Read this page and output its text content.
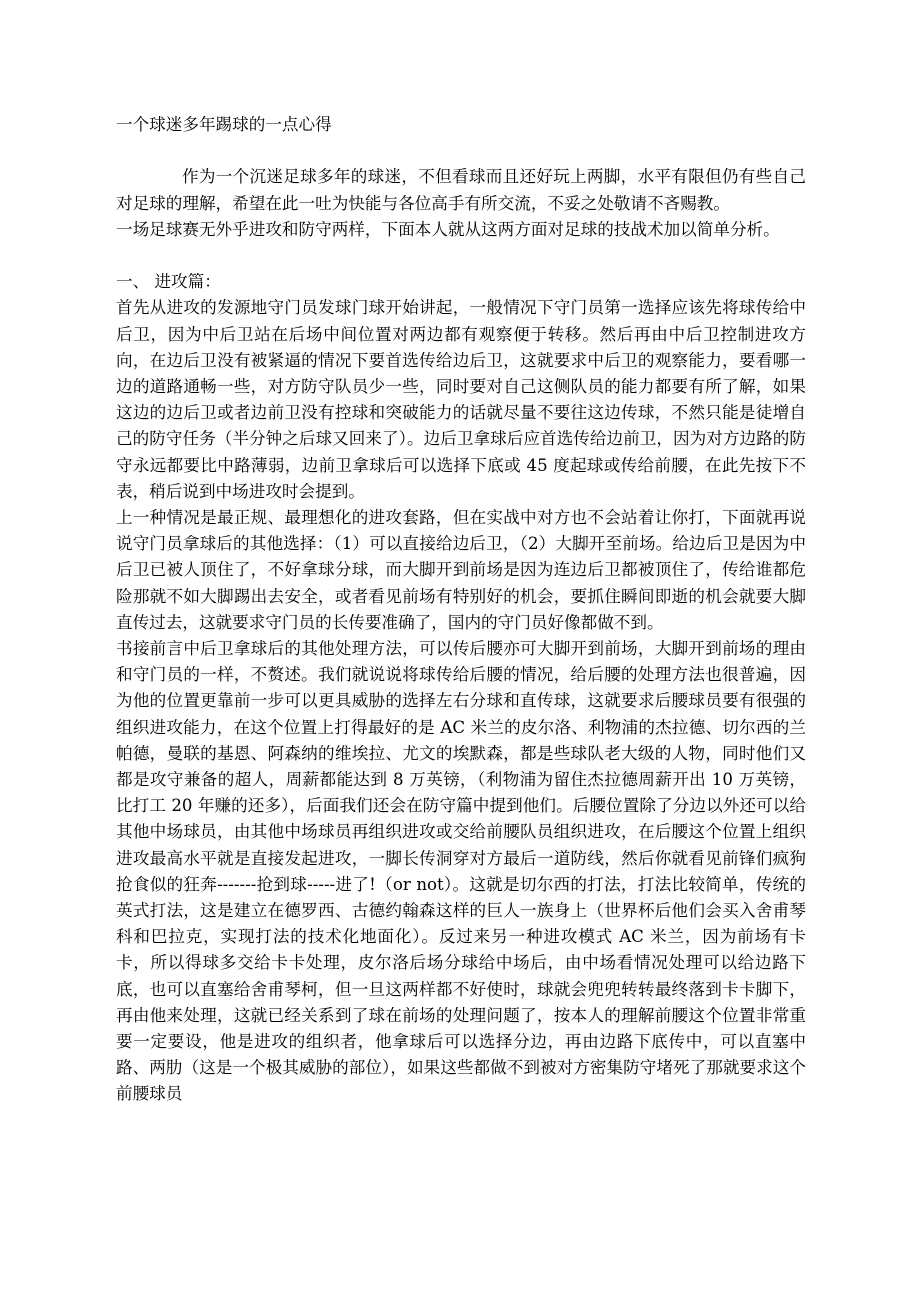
一个球迷多年踢球的一点心得

作为一个沉迷足球多年的球迷，不但看球而且还好玩上两脚，水平有限但仍有些自己对足球的理解，希望在此一吐为快能与各位高手有所交流，不妥之处敬请不吝赐教。

一场足球赛无外乎进攻和防守两样，下面本人就从这两方面对足球的技战术加以简单分析。

一、 进攻篇：

首先从进攻的发源地守门员发球门球开始讲起，一般情况下守门员第一选择应该先将球传给中后卫，因为中后卫站在后场中间位置对两边都有观察便于转移。然后再由中后卫控制进攻方向，在边后卫没有被紧逼的情况下要首选传给边后卫，这就要求中后卫的观察能力，要看哪一边的道路通畅一些，对方防守队员少一些，同时要对自己这侧队员的能力都要有所了解，如果这边的边后卫或者边前卫没有控球和突破能力的话就尽量不要往这边传球，不然只能是徒增自己的防守任务（半分钟之后球又回来了）。边后卫拿球后应首选传给边前卫，因为对方边路的防守永远都要比中路薄弱，边前卫拿球后可以选择下底或 45 度起球或传给前腰，在此先按下不表，稍后说到中场进攻时会提到。

上一种情况是最正规、最理想化的进攻套路，但在实战中对方也不会站着让你打，下面就再说说守门员拿球后的其他选择：（1）可以直接给边后卫，（2）大脚开至前场。给边后卫是因为中后卫已被人顶住了，不好拿球分球，而大脚开到前场是因为连边后卫都被顶住了，传给谁都危险那就不如大脚踢出去安全，或者看见前场有特别好的机会，要抓住瞬间即逝的机会就要大脚直传过去，这就要求守门员的长传要准确了，国内的守门员好像都做不到。

书接前言中后卫拿球后的其他处理方法，可以传后腰亦可大脚开到前场，大脚开到前场的理由和守门员的一样，不赘述。我们就说说将球传给后腰的情况，给后腰的处理方法也很普遍，因为他的位置更靠前一步可以更具威胁的选择左右分球和直传球，这就要求后腰球员要有很强的组织进攻能力，在这个位置上打得最好的是 AC 米兰的皮尔洛、利物浦的杰拉德、切尔西的兰帕德，曼联的基恩、阿森纳的维埃拉、尤文的埃默森，都是些球队老大级的人物，同时他们又都是攻守兼备的超人，周薪都能达到 8 万英镑，（利物浦为留住杰拉德周薪开出 10 万英镑，比打工 20 年赚的还多），后面我们还会在防守篇中提到他们。后腰位置除了分边以外还可以给其他中场球员，由其他中场球员再组织进攻或交给前腰队员组织进攻，在后腰这个位置上组织进攻最高水平就是直接发起进攻，一脚长传洞穿对方最后一道防线，然后你就看见前锋们疯狗抢食似的狂奔-------抢到球-----进了!（or not）。这就是切尔西的打法，打法比较简单，传统的英式打法，这是建立在德罗西、古德约翰森这样的巨人一族身上（世界杯后他们会买入舍甫琴科和巴拉克，实现打法的技术化地面化）。反过来另一种进攻模式 AC 米兰，因为前场有卡卡，所以得球多交给卡卡处理，皮尔洛后场分球给中场后，由中场看情况处理可以给边路下底，也可以直塞给舍甫琴柯，但一旦这两样都不好使时，球就会兜兜转转最终落到卡卡脚下，再由他来处理，这就已经关系到了球在前场的处理问题了，按本人的理解前腰这个位置非常重要一定要设，他是进攻的组织者，他拿球后可以选择分边，再由边路下底传中，可以直塞中路、两肋（这是一个极其威胁的部位），如果这些都做不到被对方密集防守堵死了那就要求这个前腰球员
